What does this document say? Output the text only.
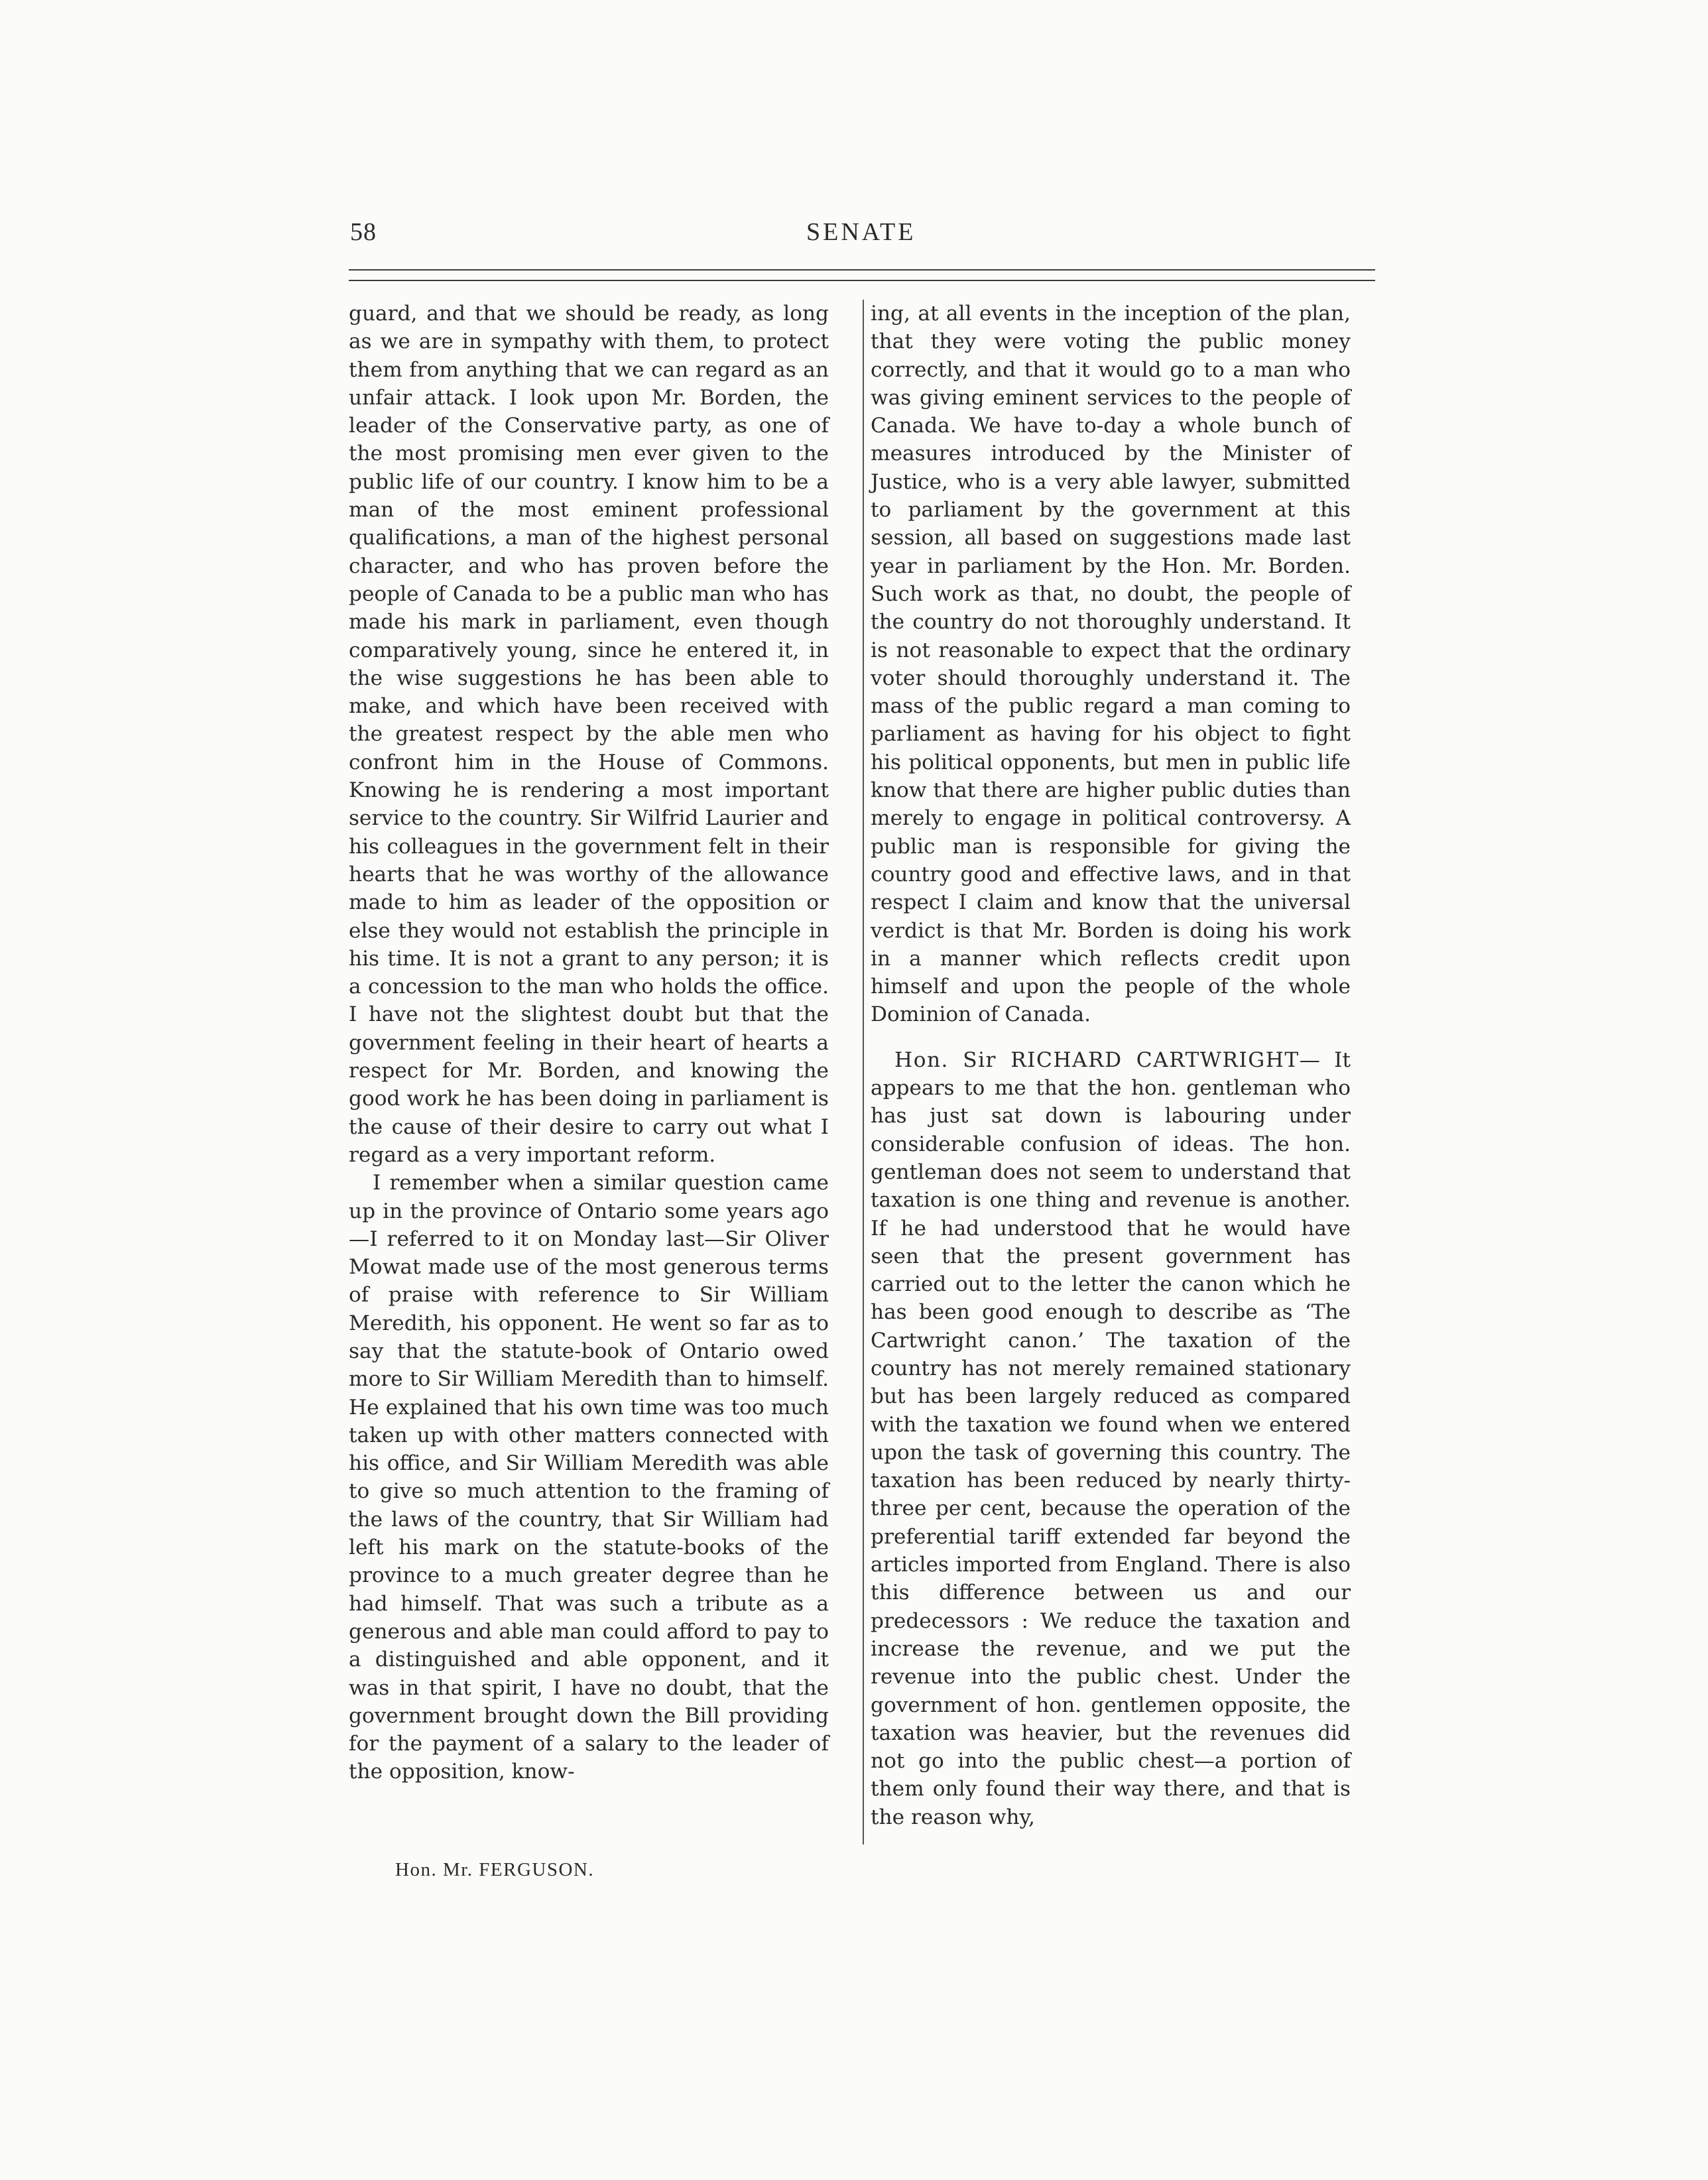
58	SENATE

guard, and that we should be ready, as long as we are in sympathy with them, to protect them from anything that we can regard as an unfair attack. I look upon Mr. Borden, the leader of the Conservative party, as one of the most promising men ever given to the public life of our country. I know him to be a man of the most eminent professional qualifications, a man of the highest personal character, and who has proven before the people of Canada to be a public man who has made his mark in parliament, even though comparatively young, since he entered it, in the wise suggestions he has been able to make, and which have been received with the greatest respect by the able men who confront him in the House of Commons. Knowing he is rendering a most important service to the country. Sir Wilfrid Laurier and his colleagues in the government felt in their hearts that he was worthy of the allowance made to him as leader of the opposition or else they would not establish the principle in his time. It is not a grant to any person; it is a concession to the man who holds the office. I have not the slightest doubt but that the government feeling in their heart of hearts a respect for Mr. Borden, and knowing the good work he has been doing in parliament is the cause of their desire to carry out what I regard as a very important reform.

I remember when a similar question came up in the province of Ontario some years ago—I referred to it on Monday last—Sir Oliver Mowat made use of the most generous terms of praise with reference to Sir William Meredith, his opponent. He went so far as to say that the statute-book of Ontario owed more to Sir William Meredith than to himself. He explained that his own time was too much taken up with other matters connected with his office, and Sir William Meredith was able to give so much attention to the framing of the laws of the country, that Sir William had left his mark on the statute-books of the province to a much greater degree than he had himself. That was such a tribute as a generous and able man could afford to pay to a distinguished and able opponent, and it was in that spirit, I have no doubt, that the government brought down the Bill providing for the payment of a salary to the leader of the opposition, know-

ing, at all events in the inception of the plan, that they were voting the public money correctly, and that it would go to a man who was giving eminent services to the people of Canada. We have to-day a whole bunch of measures introduced by the Minister of Justice, who is a very able lawyer, submitted to parliament by the government at this session, all based on suggestions made last year in parliament by the Hon. Mr. Borden. Such work as that, no doubt, the people of the country do not thoroughly understand. It is not reasonable to expect that the ordinary voter should thoroughly understand it. The mass of the public regard a man coming to parliament as having for his object to fight his political opponents, but men in public life know that there are higher public duties than merely to engage in political controversy. A public man is responsible for giving the country good and effective laws, and in that respect I claim and know that the universal verdict is that Mr. Borden is doing his work in a manner which reflects credit upon himself and upon the people of the whole Dominion of Canada.

Hon. Sir RICHARD CARTWRIGHT— It appears to me that the hon. gentleman who has just sat down is labouring under considerable confusion of ideas. The hon. gentleman does not seem to understand that taxation is one thing and revenue is another. If he had understood that he would have seen that the present government has carried out to the letter the canon which he has been good enough to describe as ‘The Cartwright canon.’ The taxation of the country has not merely remained stationary but has been largely reduced as compared with the taxation we found when we entered upon the task of governing this country. The taxation has been reduced by nearly thirty-three per cent, because the operation of the preferential tariff extended far beyond the articles imported from England. There is also this difference between us and our predecessors : We reduce the taxation and increase the revenue, and we put the revenue into the public chest. Under the government of hon. gentlemen opposite, the taxation was heavier, but the revenues did not go into the public chest—a portion of them only found their way there, and that is the reason why,

Hon. Mr. FERGUSON.
